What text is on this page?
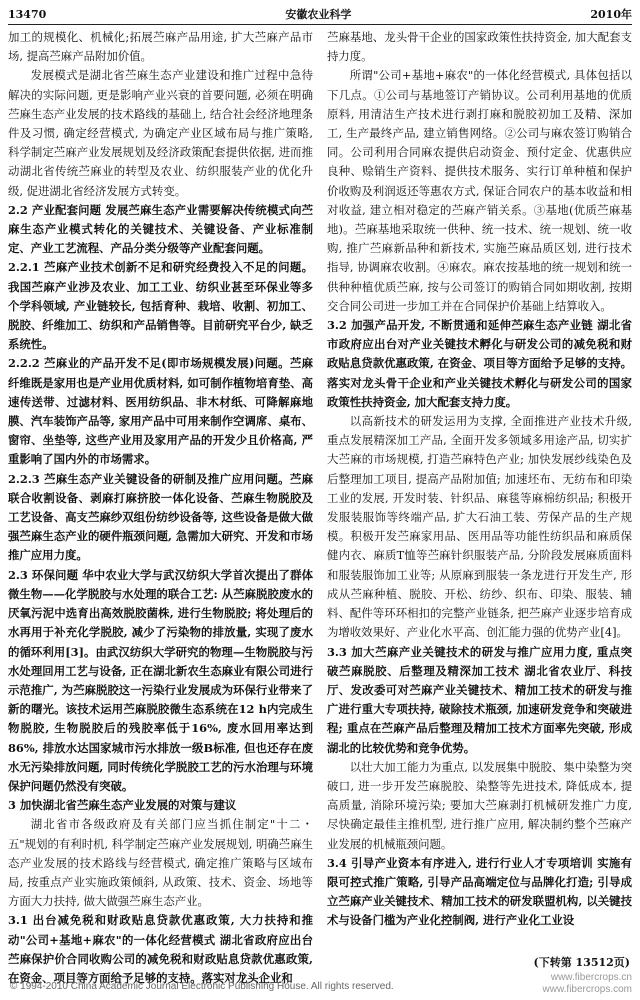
13470	安徽农业科学	2010年

加工的规模化、机械化;拓展苎麻产品用途, 扩大苎麻产品市场, 提高苎麻产品附加价值。

发展模式是湖北省苎麻生态产业建设和推广过程中急待解决的实际问题, 更是影响产业兴衰的首要问题, 必须在明确苎麻生态产业发展的技术路线的基础上, 结合社会经济地理条件及习惯, 确定经营模式, 为确定产业区域布局与推广策略, 科学制定苎麻产业发展规划及经济政策配套提供依据, 进而推动湖北省传统苎麻业的转型及农业、纺织服装产业的优化升级, 促进湖北省经济发展方式转变。

2.2 产业配套问题 发展苎麻生态产业需要解决传统模式向苎麻生态产业模式转化的关键技术、关键设备、产业标准制定、产业工艺流程、产品分类分级等产业配套问题。

2.2.1 苎麻产业技术创新不足和研究经费投入不足的问题。我国苎麻产业涉及农业、加工工业、纺织业甚至环保业等多个学科领域, 产业链较长, 包括育种、栽培、收割、初加工、脱胶、纤维加工、纺织和产品销售等。目前研究平台少, 缺乏系统性。

2.2.2 苎麻业的产品开发不足(即市场规模发展)问题。苎麻纤维既是家用也是产业用优质材料, 如可制作植物培育垫、高速传送带、过滤材料、医用纺织品、非木材纸、可降解麻地膜、汽车装饰产品等, 家用产品中可用来制作空调席、桌布、窗帘、坐垫等, 这些产业用及家用产品的开发少且价格高, 严重影响了国内外的市场需求。

2.2.3 苎麻生态产业关键设备的研制及推广应用问题。苎麻联合收割设备、剥麻打麻挤胶一体化设备、苎麻生物脱胶及工艺设备、高支苎麻纱双组份纺纱设备等, 这些设备是做大做强苎麻生态产业的硬件瓶颈问题, 急需加大研究、开发和市场推广应用力度。

2.3 环保问题 华中农业大学与武汉纺织大学首次提出了群体微生物——化学脱胶与水处理的联合工艺: 从苎麻脱胶废水的厌氧污泥中选育出高效脱胶菌株, 进行生物脱胶; 将处理后的水再用于补充化学脱胶, 减少了污染物的排放量, 实现了废水的循环利用[3]。由武汉纺织大学研究的物理—生物脱胶与污水处理回用工艺与设备, 正在湖北新农生态麻业有限公司进行示范推广, 为苎麻脱胶这一污染行业发展成为环保行业带来了新的曙光。该技术运用苎麻脱胶微生态系统在12 h内完成生物脱胶, 生物脱胶后的残胶率低于16%, 废水回用率达到86%, 排放水达国家城市污水排放一级B标准, 但也还存在废水无污染排放问题, 同时传统化学脱胶工艺的污水治理与环境保护问题仍然没有突破。

3 加快湖北省苎麻生态产业发展的对策与建议

湖北省市各级政府及有关部门应当抓住制定"十二・五"规划的有利时机, 科学制定苎麻产业发展规划, 明确苎麻生态产业发展的技术路线与经营模式, 确定推广策略与区域布局, 按重点产业实施政策倾斜, 从政策、技术、资金、场地等方面大力扶持, 做大做强苎麻生态产业。

3.1 出台减免税和财政贴息贷款优惠政策, 大力扶持和推动"公司+基地+麻农"的一体化经营模式 湖北省政府应出台苎麻保护价合同收购公司的减免税和财政贴息贷款优惠政策, 在资金、项目等方面给予足够的支持。落实对龙头企业和

苎麻基地、龙头骨干企业的国家政策性扶持资金, 加大配套支持力度。

所谓"公司+基地+麻农"的一体化经营模式, 具体包括以下几点。①公司与基地签订产销协议。公司利用基地的优质原料, 用清洁生产技术进行剥打麻和脱胶初加工及精、深加工, 生产最终产品, 建立销售网络。②公司与麻农签订购销合同。公司利用合同麻农提供启动资金、预付定金、优惠供应良种、赊销生产资料、提供技术服务、实行订单种植和保护价收购及利润返还等惠农方式, 保证合同农户的基本收益和相对收益, 建立相对稳定的苎麻产销关系。③基地(优质苎麻基地)。苎麻基地采取统一供种、统一技术、统一规划、统一收购, 推广苎麻新品种和新技术, 实施苎麻品质区划, 进行技术指导, 协调麻农收割。④麻农。麻农按基地的统一规划和统一供种种植优质苎麻, 按与公司签订的购销合同如期收割, 按期交合同公司进一步加工并在合同保护价基础上结算收入。

3.2 加强产品开发, 不断贯通和延伸苎麻生态产业链 湖北省市政府应出台对产业关键技术孵化与研发公司的减免税和财政贴息贷款优惠政策, 在资金、项目等方面给予足够的支持。落实对龙头骨干企业和产业关键技术孵化与研发公司的国家政策性扶持资金, 加大配套支持力度。

以高新技术的研发运用为支撑, 全面推进产业技术升级, 重点发展精深加工产品, 全面开发多领域多用途产品, 切实扩大苎麻的市场规模, 打造苎麻特色产业; 加快发展纱线染色及后整理加工项目, 提高产品附加值; 加速坯布、无纺布和印染工业的发展, 开发时装、针织品、麻毯等麻棉纺织品; 积极开发服装服饰等终端产品, 扩大石油工装、劳保产品的生产规模。积极开发苎麻家用品、医用品等功能性纺织品和麻质保健内衣、麻质T恤等苎麻针织服装产品, 分阶段发展麻质面料和服装服饰加工业等; 从原麻到服装一条龙进行开发生产, 形成从苎麻种植、脱胶、开松、纺纱、织布、印染、服装、辅料、配件等环环相扣的完整产业链条, 把苎麻产业逐步培育成为增收效果好、产业化水平高、创汇能力强的优势产业[4]。

3.3 加大苎麻产业关键技术的研发与推广应用力度, 重点突破苎麻脱胶、后整理及精深加工技术 湖北省农业厅、科技厅、发改委可对苎麻产业关键技术、精加工技术的研发与推广进行重大专项扶持, 破除技术瓶颈, 加速研发竞争和突破进程; 重点在苎麻产品后整理及精加工技术方面率先突破, 形成湖北的比较优势和竞争优势。

以壮大加工能力为重点, 以发展集中脱胶、集中染整为突破口, 进一步开发苎麻脱胶、染整等先进技术, 降低成本, 提高质量, 消除环境污染; 要加大苎麻剥打机械研发推广力度, 尽快确定最佳主推机型, 进行推广应用, 解决制约整个苎麻产业发展的机械瓶颈问题。

3.4 引导产业资本有序进入, 进行行业人才专项培训 实施有限可控式推广策略, 引导产品高端定位与品牌化打造; 引导成立苎麻产业关键技术、精加工技术的研发联盟机构, 以关键技术与设备门槛为产业化控制阀, 进行产业化工业设

(下转第 13512页)
© 1994-2010 China Academic Journal Electronic Publishing House. All rights reserved.
www.fibercrops.cn
www.fibercrops.com
